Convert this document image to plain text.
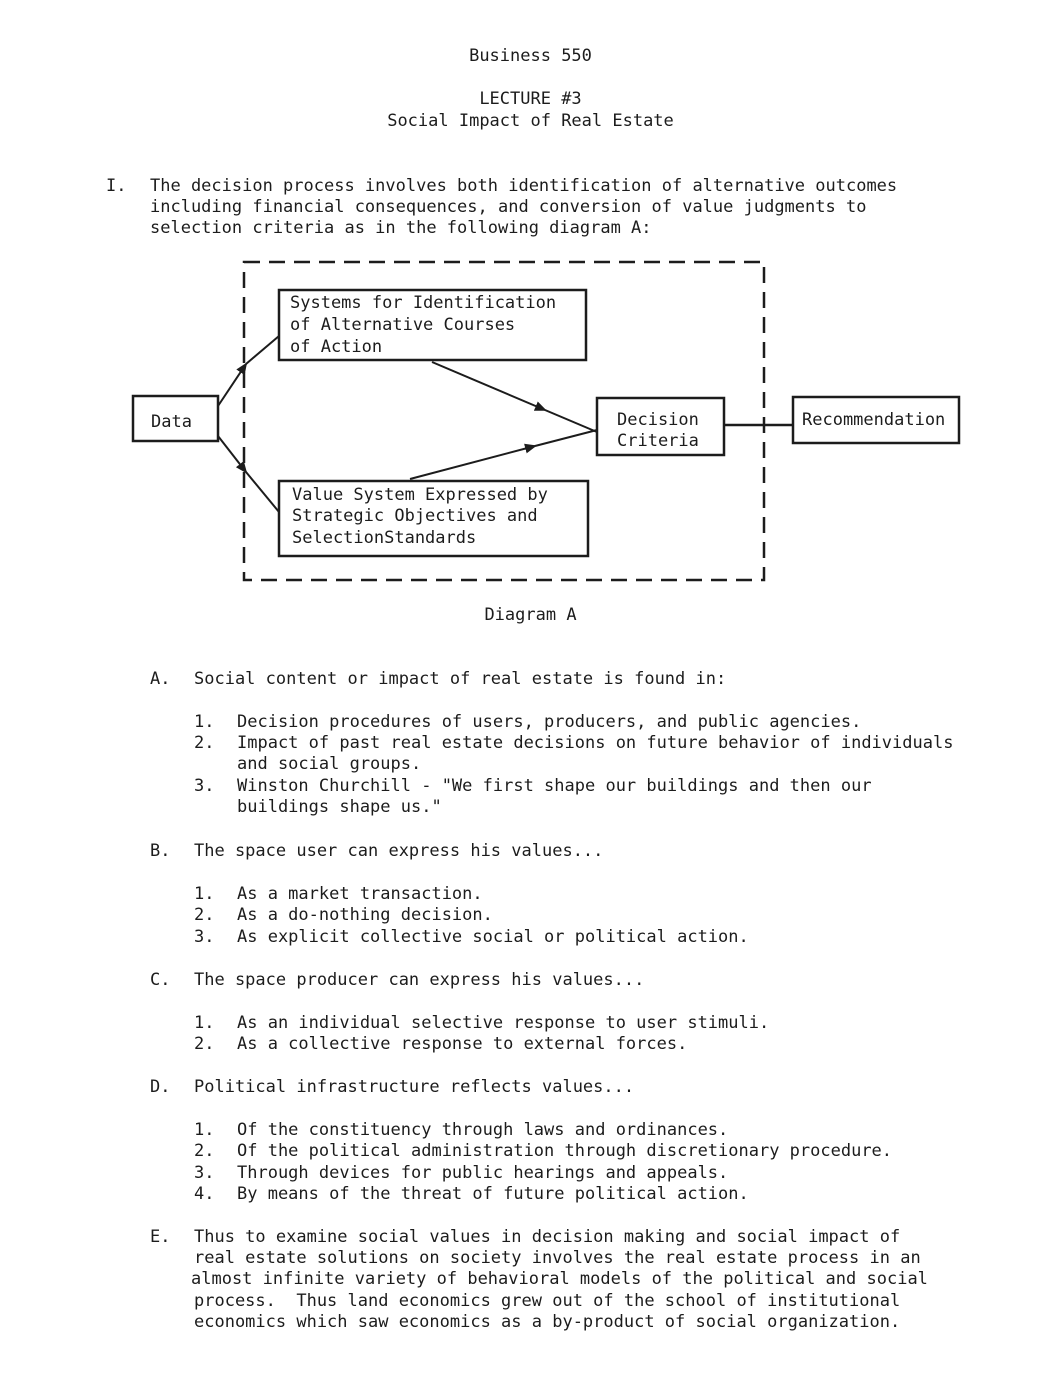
Business 550
LECTURE #3
Social Impact of Real Estate
I. The decision process involves both identification of alternative outcomes
including financial consequences, and conversion of value judgments to
selection criteria as in the following diagram A:
Data
Systems for Identification
of Alternative Courses
of Action
Value System Expressed by
Strategic Objectives and
SelectionStandards
Decision
Criteria
Recommendation
Diagram A
A. Social content or impact of real estate is found in:
1. Decision procedures of users, producers, and public agencies.
2. Impact of past real estate decisions on future behavior of individuals
and social groups.
3. Winston Churchill - "We first shape our buildings and then our
buildings shape us."
B. The space user can express his values...
1. As a market transaction.
2. As a do-nothing decision.
3. As explicit collective social or political action.
C. The space producer can express his values...
1. As an individual selective response to user stimuli.
2. As a collective response to external forces.
D. Political infrastructure reflects values...
1. Of the constituency through laws and ordinances.
2. Of the political administration through discretionary procedure.
3. Through devices for public hearings and appeals.
4. By means of the threat of future political action.
E. Thus to examine social values in decision making and social impact of
real estate solutions on society involves the real estate process in an
almost infinite variety of behavioral models of the political and social
process.  Thus land economics grew out of the school of institutional
economics which saw economics as a by-product of social organization.
